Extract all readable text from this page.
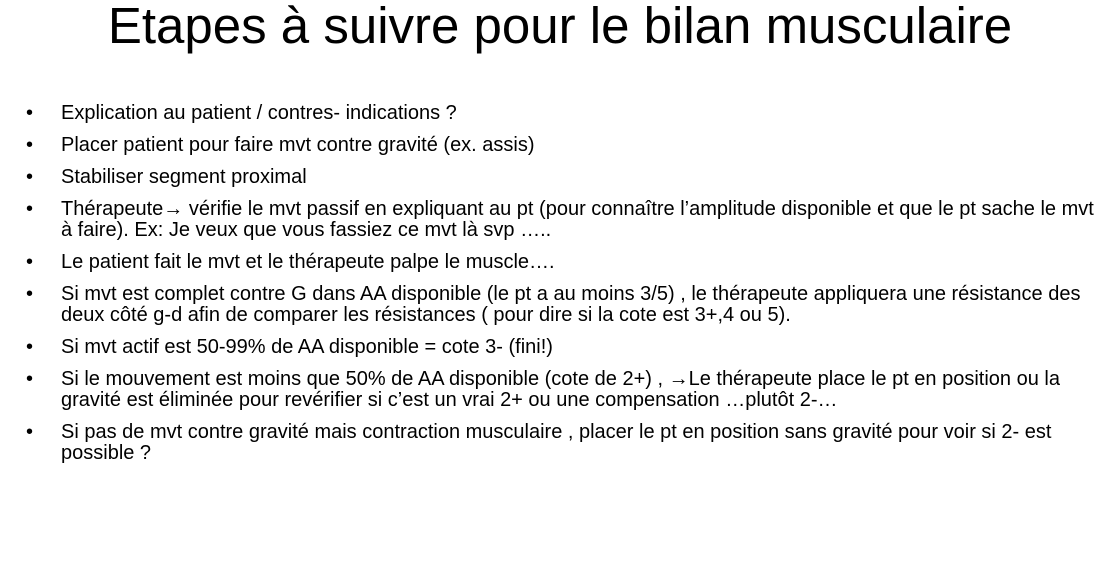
Etapes à suivre pour le bilan musculaire
•	Explication au patient / contres- indications ?
•	Placer patient pour faire mvt contre gravité (ex. assis)
•	Stabiliser segment proximal
•	Thérapeute→ vérifie le mvt passif en expliquant au pt (pour connaître l’amplitude disponible et que le pt sache le mvt à faire). Ex: Je veux que vous fassiez ce mvt là svp …..
•	Le patient fait le mvt et le thérapeute palpe le muscle….
•	Si mvt est complet contre G dans AA disponible (le pt a au moins 3/5) , le thérapeute appliquera une résistance des deux côté g-d afin de comparer les résistances ( pour dire si la cote est 3+,4 ou 5).
•	Si mvt actif est 50-99% de AA disponible = cote 3- (fini!)
•	Si le mouvement est moins que 50% de AA disponible (cote de 2+) , →Le thérapeute place le pt en position ou la gravité est éliminée pour revérifier si c’est un vrai 2+ ou une compensation …plutôt 2-…
•	Si pas de mvt contre gravité mais contraction musculaire , placer le pt en position sans gravité pour voir si 2- est possible ?
